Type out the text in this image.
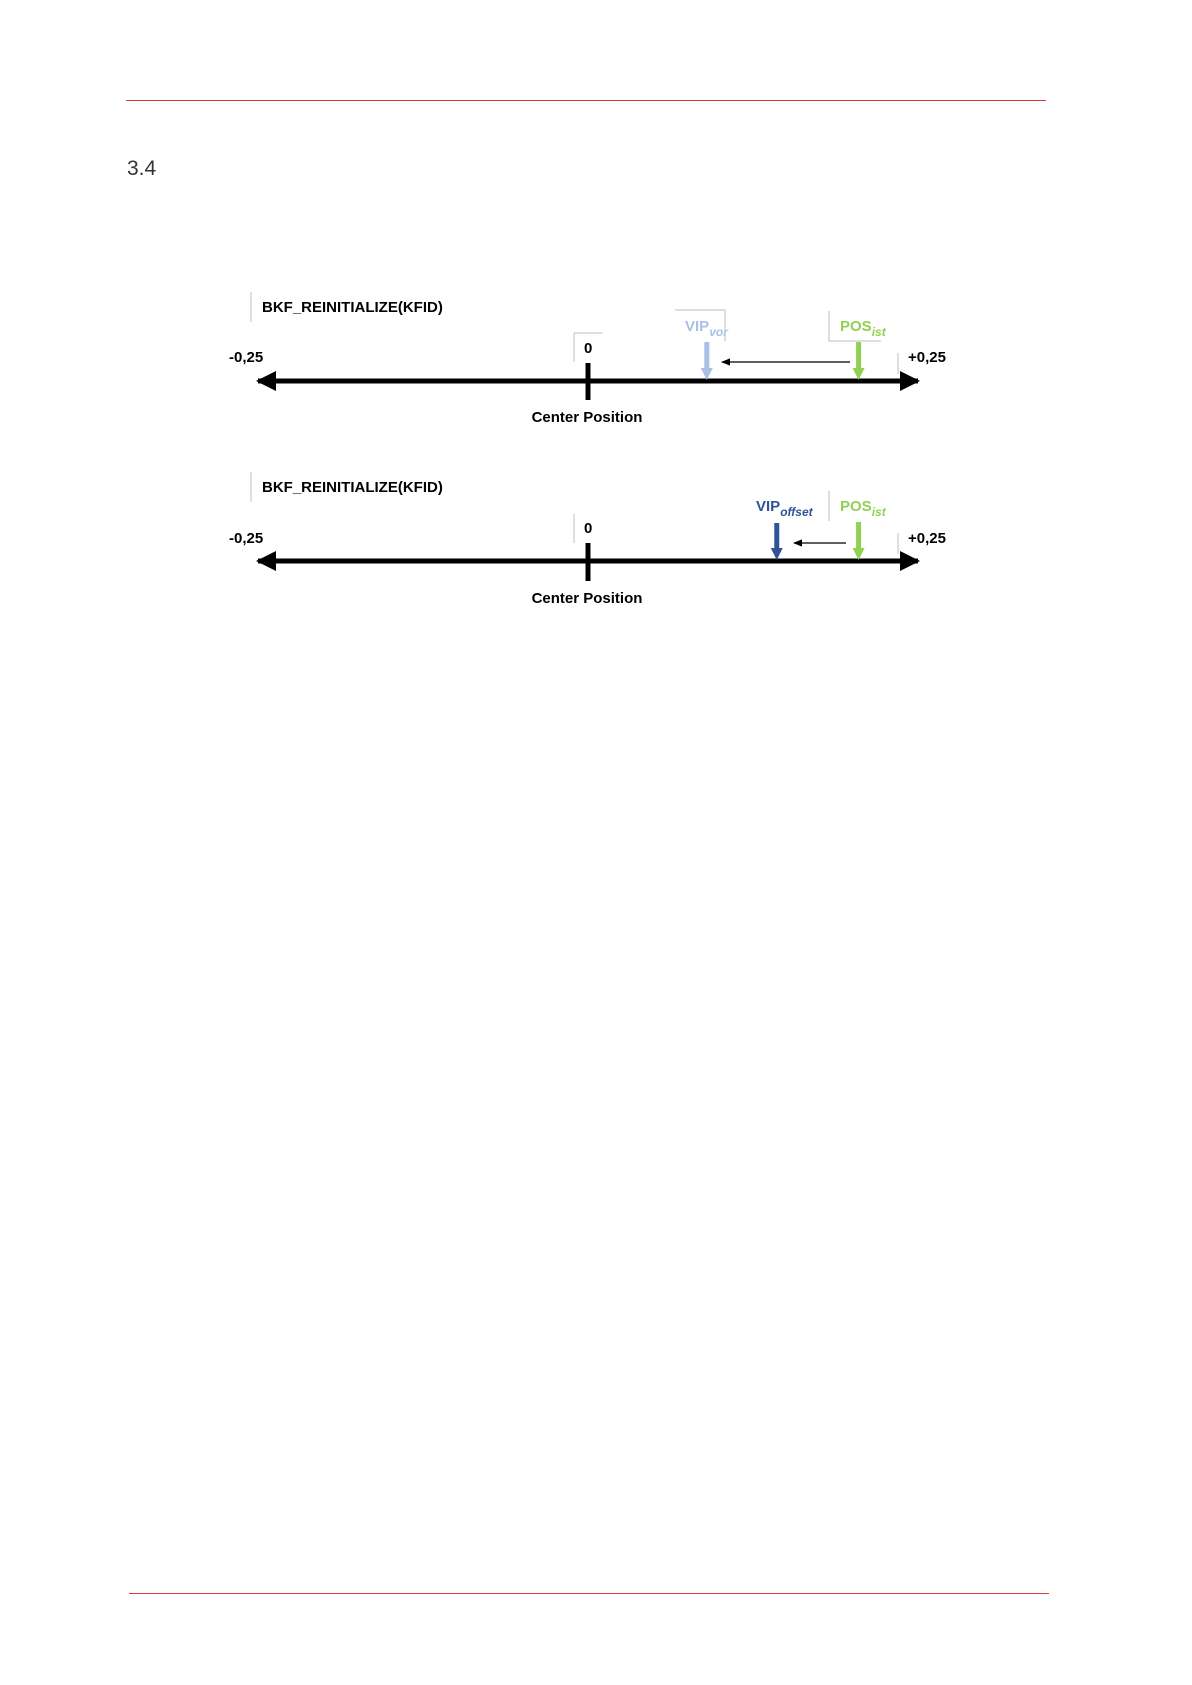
3.4
BKF_REINITIALIZE(KFID)
-0,25	+0,25
0
Center Position
$VIP_{vor}$	$POS_{ist}$
BKF_REINITIALIZE(KFID)
-0,25	+0,25
0
Center Position
$VIP_{offset}$ $POS_{ist}$
